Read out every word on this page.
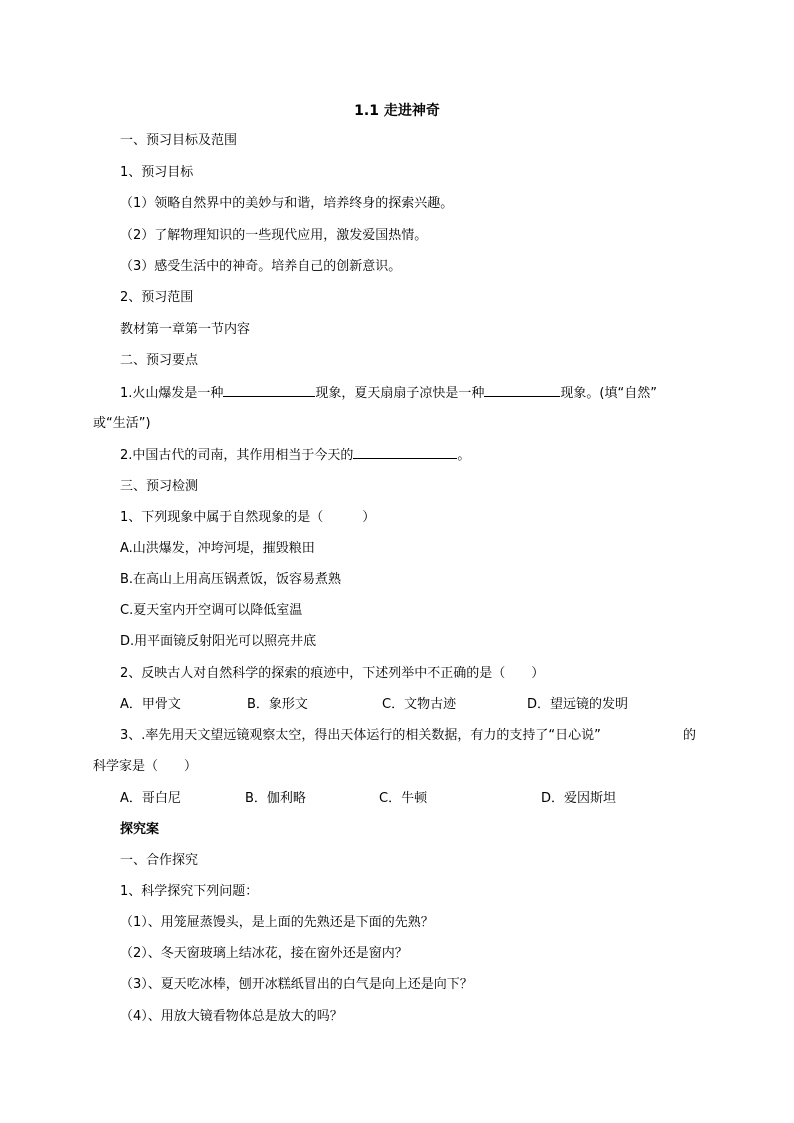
1.1 走进神奇
一、预习目标及范围
1、预习目标
（1）领略自然界中的美妙与和谐，培养终身的探索兴趣。
（2）了解物理知识的一些现代应用，激发爱国热情。
（3）感受生活中的神奇。培养自己的创新意识。
2、预习范围
教材第一章第一节内容
二、预习要点
1.火山爆发是一种	现象，夏天扇扇子凉快是一种	现象。(填“自然”
或“生活”)
2.中国古代的司南，其作用相当于今天的	。
三、预习检测
1、下列现象中属于自然现象的是（　　　）
A.山洪爆发，冲垮河堤，摧毁粮田
B.在高山上用高压锅煮饭，饭容易煮熟
C.夏天室内开空调可以降低室温
D.用平面镜反射阳光可以照亮井底
2、反映古人对自然科学的探索的痕迹中，下述列举中不正确的是（　　）
A．甲骨文	B．象形文	C．文物古迹	D．望远镜的发明
3、.率先用天文望远镜观察太空，得出天体运行的相关数据，有力的支持了“日心说”	的
科学家是（　　）
A．哥白尼	B．伽利略	C．牛顿	D．爱因斯坦
探究案
一、合作探究
1、科学探究下列问题：
（1）、用笼屉蒸馒头，是上面的先熟还是下面的先熟？
（2）、冬天窗玻璃上结冰花，接在窗外还是窗内？
（3）、夏天吃冰棒，刨开冰糕纸冒出的白气是向上还是向下？
（4）、用放大镜看物体总是放大的吗？
